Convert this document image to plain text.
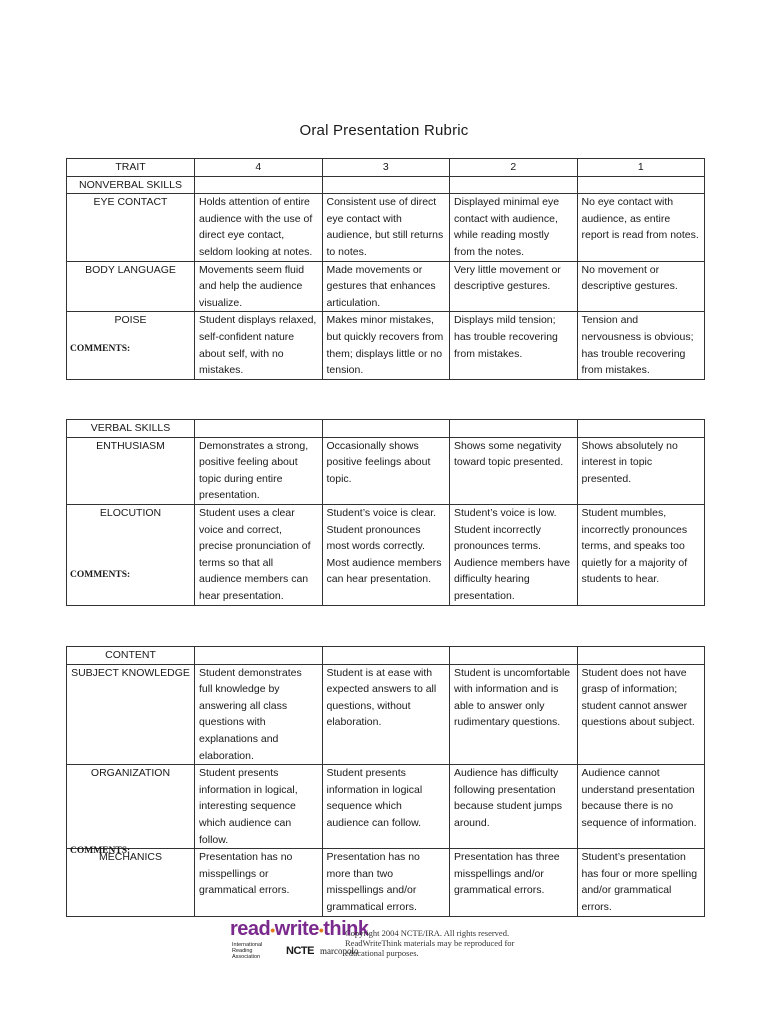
Oral Presentation Rubric
TRAIT	4	3	2	1
NONVERBAL SKILLS				
EYE CONTACT	Holds attention of entire audience with the use of direct eye contact, seldom looking at notes.	Consistent use of direct eye contact with audience, but still returns to notes.	Displayed minimal eye contact with audience, while reading mostly from the notes.	No eye contact with audience, as entire report is read from notes.
BODY LANGUAGE	Movements seem fluid and help the audience visualize.	Made movements or gestures that enhances articulation.	Very little movement or descriptive gestures.	No movement or descriptive gestures.
POISE	Student displays relaxed, self-confident nature about self, with no mistakes.	Makes minor mistakes, but quickly recovers from them; displays little or no tension.	Displays mild tension; has trouble recovering from mistakes.	Tension and nervousness is obvious; has trouble recovering from mistakes.
COMMENTS:
VERBAL SKILLS				
ENTHUSIASM	Demonstrates a strong, positive feeling about topic during entire presentation.	Occasionally shows positive feelings about topic.	Shows some negativity toward topic presented.	Shows absolutely no interest in topic presented.
ELOCUTION	Student uses a clear voice and correct, precise pronunciation of terms so that all audience members can hear presentation.	Student’s voice is clear. Student pronounces most words correctly. Most audience members can hear presentation.	Student’s voice is low. Student incorrectly pronounces terms. Audience members have difficulty hearing presentation.	Student mumbles, incorrectly pronounces terms, and speaks too quietly for a majority of students to hear.
COMMENTS:
CONTENT				
SUBJECT KNOWLEDGE	Student demonstrates full knowledge by answering all class questions with explanations and elaboration.	Student is at ease with expected answers to all questions, without elaboration.	Student is uncomfortable with information and is able to answer only rudimentary questions.	Student does not have grasp of information; student cannot answer questions about subject.
ORGANIZATION	Student presents information in logical, interesting sequence which audience can follow.	Student presents information in logical sequence which audience can follow.	Audience has difficulty following presentation because student jumps around.	Audience cannot understand presentation because there is no sequence of information.
MECHANICS	Presentation has no misspellings or grammatical errors.	Presentation has no more than two misspellings and/or grammatical errors.	Presentation has three misspellings and/or grammatical errors.	Student’s presentation has four or more spelling and/or grammatical errors.
COMMENTS:
read•write•think
International Reading Association	NCTE marcopolo
Copyright 2004 NCTE/IRA. All rights reserved. ReadWriteThink materials may be reproduced for educational purposes.
